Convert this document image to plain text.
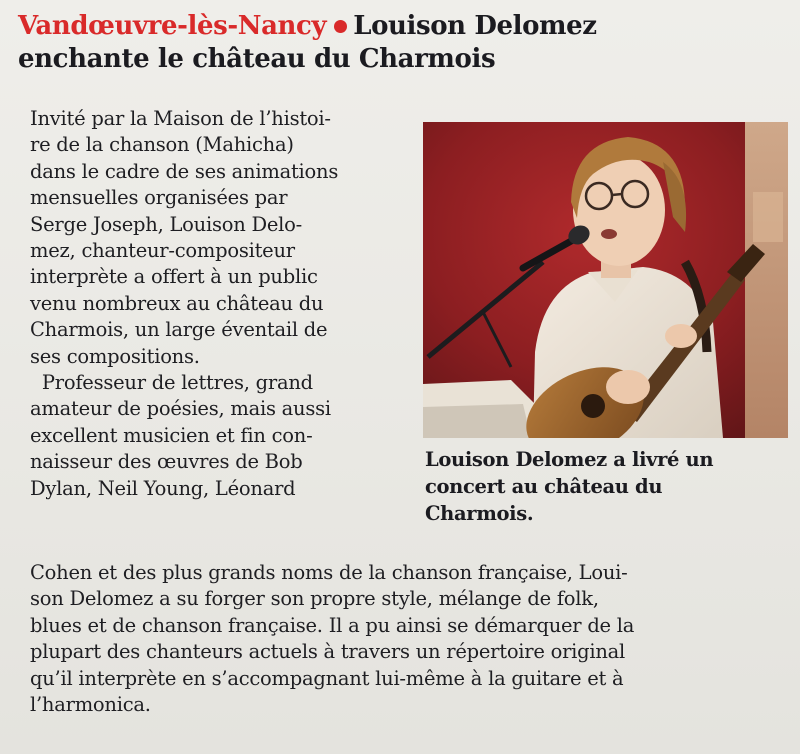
Vandœuvre-lès-Nancy Louison Delomez
enchante le château du Charmois
Invité par la Maison de l’histoi-
re de la chanson (Mahicha)
dans le cadre de ses animations
mensuelles organisées par
Serge Joseph, Louison Delo-
mez, chanteur-compositeur
interprète a offert à un public
venu nombreux au château du
Charmois, un large éventail de
ses compositions.
Professeur de lettres, grand
amateur de poésies, mais aussi
excellent musicien et fin con-
naisseur des œuvres de Bob
Dylan, Neil Young, Léonard
Cohen et des plus grands noms de la chanson française, Loui-
son Delomez a su forger son propre style, mélange de folk,
blues et de chanson française. Il a pu ainsi se démarquer de la
plupart des chanteurs actuels à travers un répertoire original
qu’il interprète en s’accompagnant lui-même à la guitare et à
l’harmonica.
Louison Delomez a livré un
concert au château du
Charmois.
